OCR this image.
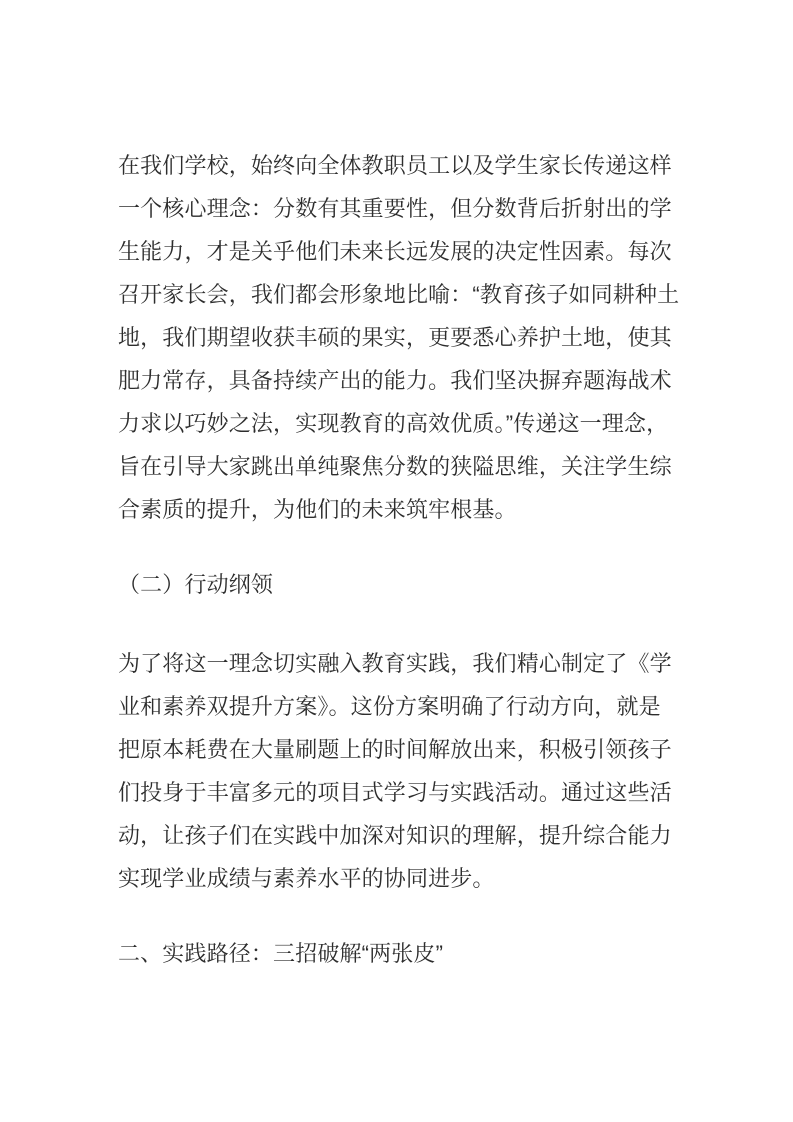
在我们学校，始终向全体教职员工以及学生家长传递这样
一个核心理念：分数有其重要性，但分数背后折射出的学
生能力，才是关乎他们未来长远发展的决定性因素。每次
召开家长会，我们都会形象地比喻：“教育孩子如同耕种土
地，我们期望收获丰硕的果实，更要悉心养护土地，使其
肥力常存，具备持续产出的能力。我们坚决摒弃题海战术
力求以巧妙之法，实现教育的高效优质。”传递这一理念，
旨在引导大家跳出单纯聚焦分数的狭隘思维，关注学生综
合素质的提升，为他们的未来筑牢根基。
（二）行动纲领
为了将这一理念切实融入教育实践，我们精心制定了《学
业和素养双提升方案》。这份方案明确了行动方向，就是
把原本耗费在大量刷题上的时间解放出来，积极引领孩子
们投身于丰富多元的项目式学习与实践活动。通过这些活
动，让孩子们在实践中加深对知识的理解，提升综合能力
实现学业成绩与素养水平的协同进步。
二、实践路径：三招破解“两张皮”
